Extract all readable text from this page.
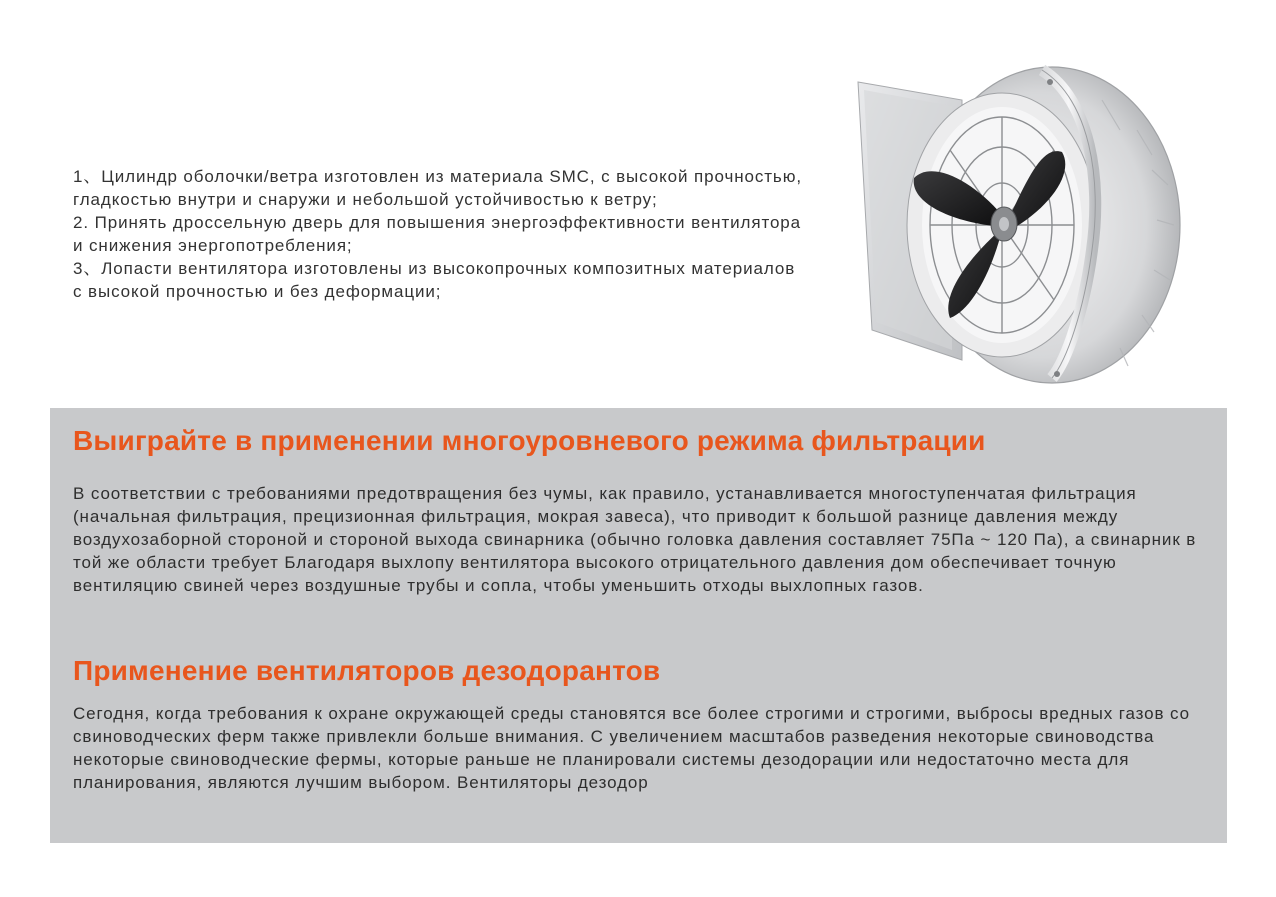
1、Цилиндр оболочки/ветра изготовлен из материала SMC, с высокой прочностью, гладкостью внутри и снаружи и небольшой устойчивостью к ветру;

2. Принять дроссельную дверь для повышения энергоэффективности вентилятора и снижения энергопотребления;

3、Лопасти вентилятора изготовлены из высокопрочных композитных материалов с высокой прочностью и без деформации;

Выиграйте в применении многоуровневого режима фильтрации

В соответствии с требованиями предотвращения без чумы, как правило, устанавливается многоступенчатая фильтрация (начальная фильтрация, прецизионная фильтрация, мокрая завеса), что приводит к большой разнице давления между воздухозаборной стороной и стороной выхода свинарника (обычно головка давления составляет 75Па ~ 120 Па), а свинарник в той же области требует Благодаря выхлопу вентилятора высокого отрицательного давления дом обеспечивает точную вентиляцию свиней через воздушные трубы и сопла, чтобы уменьшить отходы выхлопных газов.

Применение вентиляторов дезодорантов

Сегодня, когда требования к охране окружающей среды становятся все более строгими и строгими, выбросы вредных газов со свиноводческих ферм также привлекли больше внимания. С увеличением масштабов разведения некоторые свиноводства некоторые свиноводческие фермы, которые раньше не планировали системы дезодорации или недостаточно места для планирования, являются лучшим выбором. Вентиляторы дезодор
